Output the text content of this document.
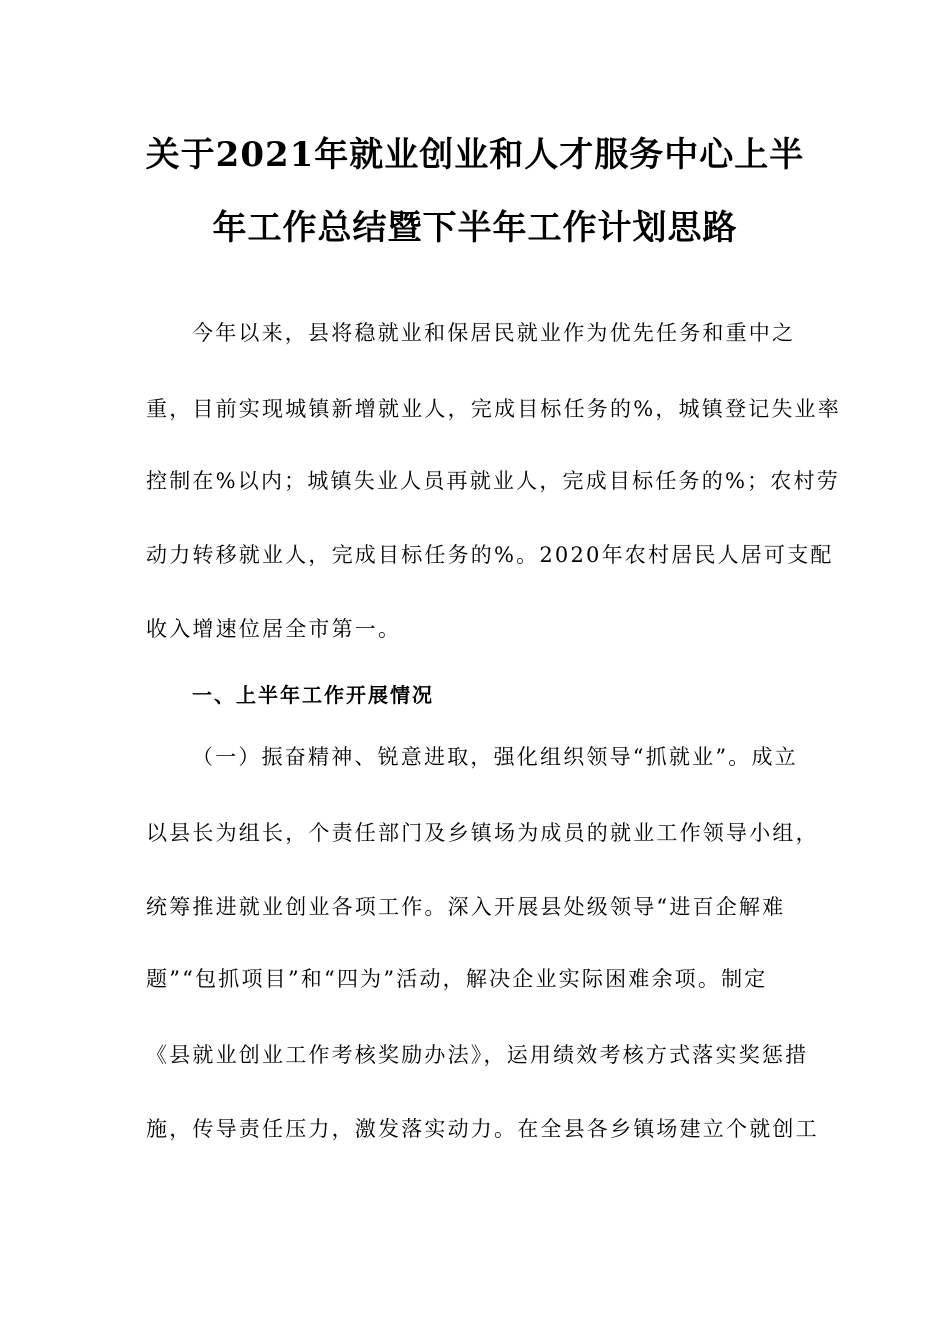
关于2021年就业创业和人才服务中心上半
年工作总结暨下半年工作计划思路
今年以来，县将稳就业和保居民就业作为优先任务和重中之
重，目前实现城镇新增就业人，完成目标任务的%，城镇登记失业率
控制在%以内；城镇失业人员再就业人，完成目标任务的%；农村劳
动力转移就业人，完成目标任务的%。2020年农村居民人居可支配
收入增速位居全市第一。
一、上半年工作开展情况
（一）振奋精神、锐意进取，强化组织领导“抓就业”。成立
以县长为组长，个责任部门及乡镇场为成员的就业工作领导小组，
统筹推进就业创业各项工作。深入开展县处级领导“进百企解难
题”“包抓项目”和“四为”活动，解决企业实际困难余项。制定
《县就业创业工作考核奖励办法》，运用绩效考核方式落实奖惩措
施，传导责任压力，激发落实动力。在全县各乡镇场建立个就创工
